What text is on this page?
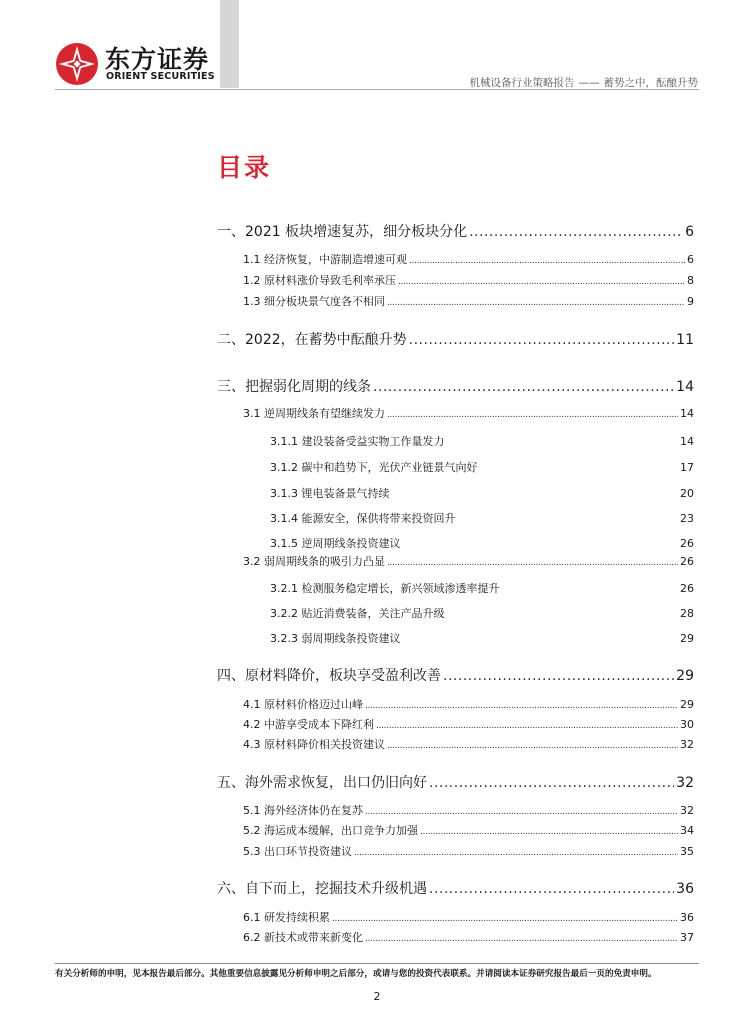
东方证券
ORIENT SECURITIES
机械设备行业策略报告 —— 蓄势之中，酝酿升势
目录
一、2021 板块增速复苏，细分板块分化 .....	6
1.1 经济恢复，中游制造增速可观 .....	6
1.2 原材料涨价导致毛利率承压 .....	8
1.3 细分板块景气度各不相同 .....	9
二、2022，在蓄势中酝酿升势 .....	11
三、把握弱化周期的线条 .....	14
3.1 逆周期线条有望继续发力 .....	14
3.1.1 建设装备受益实物工作量发力	14
3.1.2 碳中和趋势下，光伏产业链景气向好	17
3.1.3 锂电装备景气持续	20
3.1.4 能源安全，保供将带来投资回升	23
3.1.5 逆周期线条投资建议	26
3.2 弱周期线条的吸引力凸显 .....	26
3.2.1 检测服务稳定增长，新兴领域渗透率提升	26
3.2.2 贴近消费装备，关注产品升级	28
3.2.3 弱周期线条投资建议	29
四、原材料降价，板块享受盈利改善 .....	29
4.1 原材料价格迈过山峰 .....	29
4.2 中游享受成本下降红利 .....	30
4.3 原材料降价相关投资建议 .....	32
五、海外需求恢复，出口仍旧向好 .....	32
5.1 海外经济体仍在复苏 .....	32
5.2 海运成本缓解，出口竞争力加强 .....	34
5.3 出口环节投资建议 .....	35
六、自下而上，挖掘技术升级机遇 .....	36
6.1 研发持续积累 .....	36
6.2 新技术或带来新变化 .....	37
有关分析师的申明，见本报告最后部分。其他重要信息披露见分析师申明之后部分，或请与您的投资代表联系。并请阅读本证券研究报告最后一页的免责申明。
2
